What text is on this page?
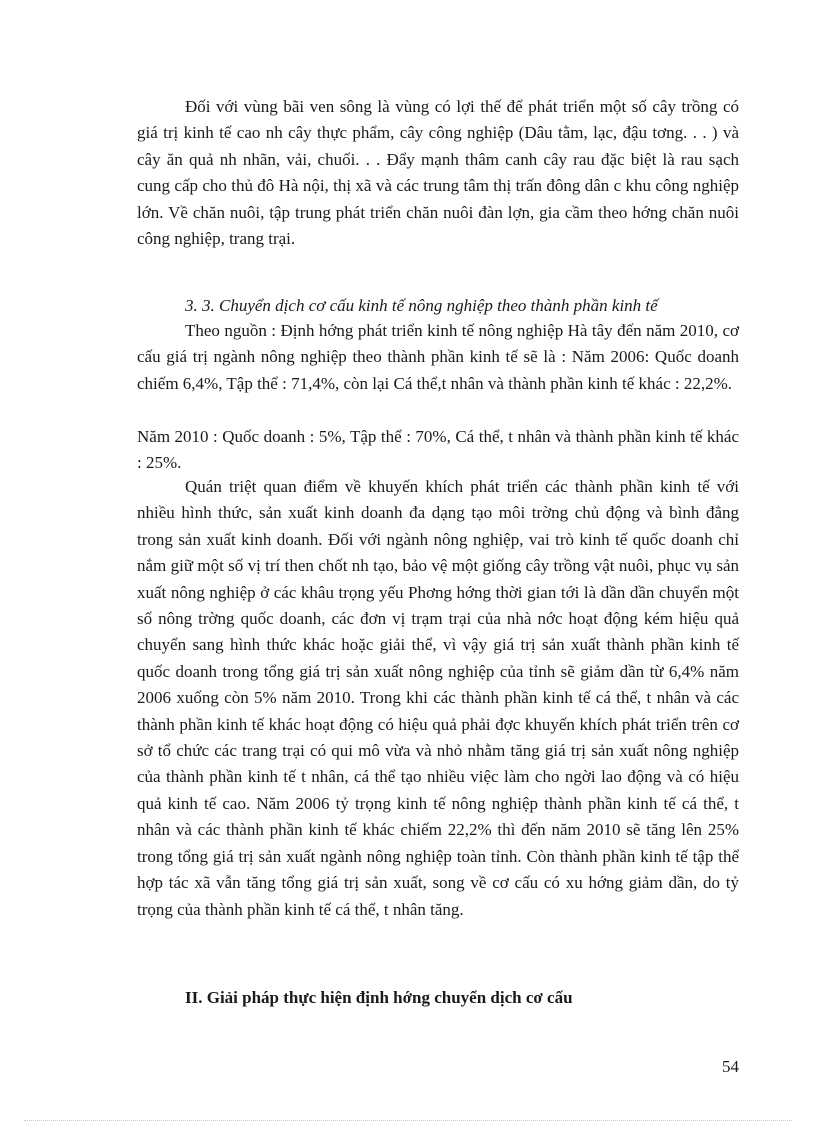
Đối với vùng bãi ven sông là vùng có lợi thế để phát triển một số cây trồng có giá trị kinh tế cao nh cây thực phẩm, cây công nghiệp (Dâu tằm, lạc, đậu tơng. . . ) và cây ăn quả nh nhãn, vải, chuối. . . Đẩy mạnh thâm canh cây rau đặc biệt là rau sạch cung cấp cho thủ đô Hà nội, thị xã và các trung tâm thị trấn đông dân c khu công nghiệp lớn. Về chăn nuôi, tập trung phát triển chăn nuôi đàn lợn, gia cầm theo hớng chăn nuôi công nghiệp, trang trại.

3. 3. Chuyển dịch cơ cấu kinh tế nông nghiệp theo thành phần kinh tế

Theo nguồn : Định hớng phát triển kinh tế nông nghiệp Hà tây đến năm 2010, cơ cấu giá trị ngành nông nghiệp theo thành phần kinh tế sẽ là : Năm 2006: Quốc doanh chiếm 6,4%, Tập thể : 71,4%, còn lại Cá thể,t nhân và thành phần kinh tế khác : 22,2%.

Năm 2010 : Quốc doanh : 5%, Tập thể : 70%, Cá thể, t nhân và thành phần kinh tế khác : 25%.

Quán triệt quan điểm về khuyến khích phát triển các thành phần kinh tế với nhiều hình thức, sản xuất kinh doanh đa dạng tạo môi trờng chủ động và bình đẳng trong sản xuất kinh doanh. Đối với ngành nông nghiệp, vai trò kinh tế quốc doanh chỉ nắm giữ một số vị trí then chốt nh tạo, bảo vệ một giống cây trồng vật nuôi, phục vụ sản xuất nông nghiệp ở các khâu trọng yếu Phơng hớng thời gian tới là dần dần chuyển một số nông trờng quốc doanh, các đơn vị trạm trại của nhà nớc hoạt động kém hiệu quả chuyển sang hình thức khác hoặc giải thể, vì vậy giá trị sản xuất thành phần kinh tế quốc doanh trong tổng giá trị sản xuất nông nghiệp của tỉnh sẽ giảm dần từ 6,4% năm 2006 xuống còn 5% năm 2010. Trong khi các thành phần kinh tế cá thể, t nhân và các thành phần kinh tế khác hoạt động có hiệu quả phải đợc khuyến khích phát triển trên cơ sở tổ chức các trang trại có qui mô vừa và nhỏ nhằm tăng giá trị sản xuất nông nghiệp của thành phần kinh tế t nhân, cá thể tạo nhiều việc làm cho ngời lao động và có hiệu quả kinh tế cao. Năm 2006 tỷ trọng kinh tế nông nghiệp thành phần kinh tế cá thể, t nhân và các thành phần kinh tế khác chiếm 22,2% thì đến năm 2010 sẽ tăng lên 25% trong tổng giá trị sản xuất ngành nông nghiệp toàn tỉnh. Còn thành phần kinh tế tập thể hợp tác xã vẫn tăng tổng giá trị sản xuất, song về cơ cấu có xu hớng giảm dần, do tỷ trọng của thành phần kinh tế cá thể, t nhân tăng.

II. Giải pháp thực hiện định hớng chuyển dịch cơ cấu
54
